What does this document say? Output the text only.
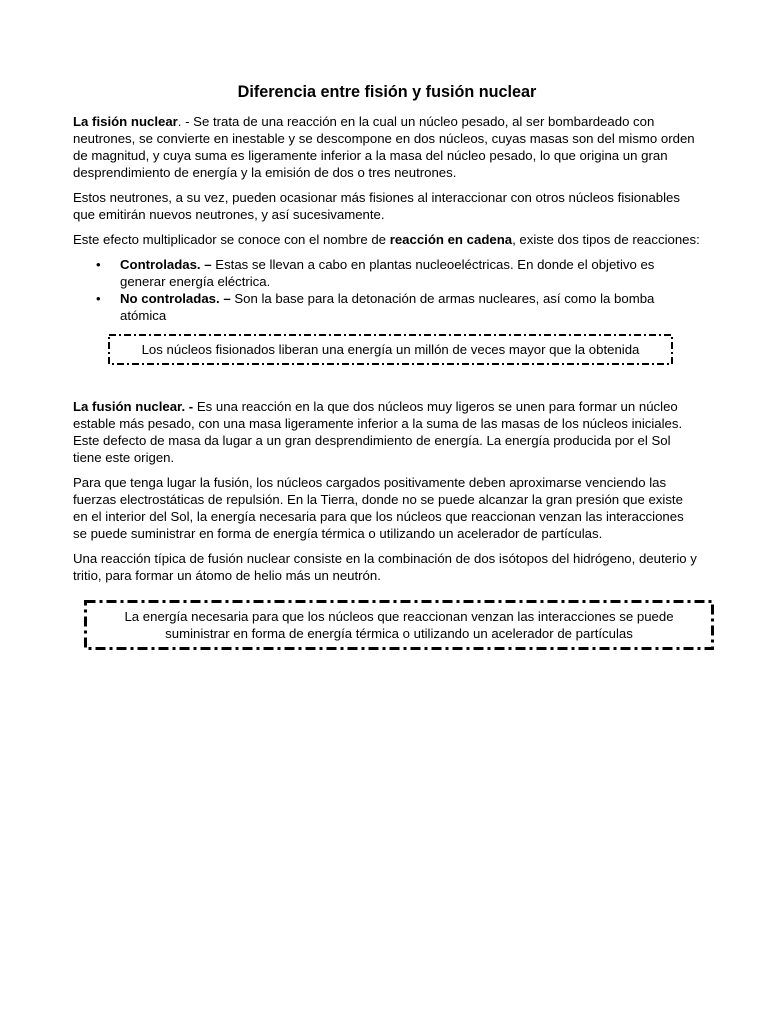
Diferencia entre fisión y fusión nuclear

La fisión nuclear. - Se trata de una reacción en la cual un núcleo pesado, al ser bombardeado con neutrones, se convierte en inestable y se descompone en dos núcleos, cuyas masas son del mismo orden de magnitud, y cuya suma es ligeramente inferior a la masa del núcleo pesado, lo que origina un gran desprendimiento de energía y la emisión de dos o tres neutrones.

Estos neutrones, a su vez, pueden ocasionar más fisiones al interaccionar con otros núcleos fisionables que emitirán nuevos neutrones, y así sucesivamente.

Este efecto multiplicador se conoce con el nombre de reacción en cadena, existe dos tipos de reacciones:

• Controladas. – Estas se llevan a cabo en plantas nucleoeléctricas. En donde el objetivo es generar energía eléctrica.
• No controladas. – Son la base para la detonación de armas nucleares, así como la bomba atómica
Los núcleos fisionados liberan una energía un millón de veces mayor que la obtenida

La fusión nuclear. - Es una reacción en la que dos núcleos muy ligeros se unen para formar un núcleo estable más pesado, con una masa ligeramente inferior a la suma de las masas de los núcleos iniciales. Este defecto de masa da lugar a un gran desprendimiento de energía. La energía producida por el Sol tiene este origen.

Para que tenga lugar la fusión, los núcleos cargados positivamente deben aproximarse venciendo las fuerzas electrostáticas de repulsión. En la Tierra, donde no se puede alcanzar la gran presión que existe en el interior del Sol, la energía necesaria para que los núcleos que reaccionan venzan las interacciones se puede suministrar en forma de energía térmica o utilizando un acelerador de partículas.

Una reacción típica de fusión nuclear consiste en la combinación de dos isótopos del hidrógeno, deuterio y tritio, para formar un átomo de helio más un neutrón.

La energía necesaria para que los núcleos que reaccionan venzan las interacciones se puede suministrar en forma de energía térmica o utilizando un acelerador de partículas
